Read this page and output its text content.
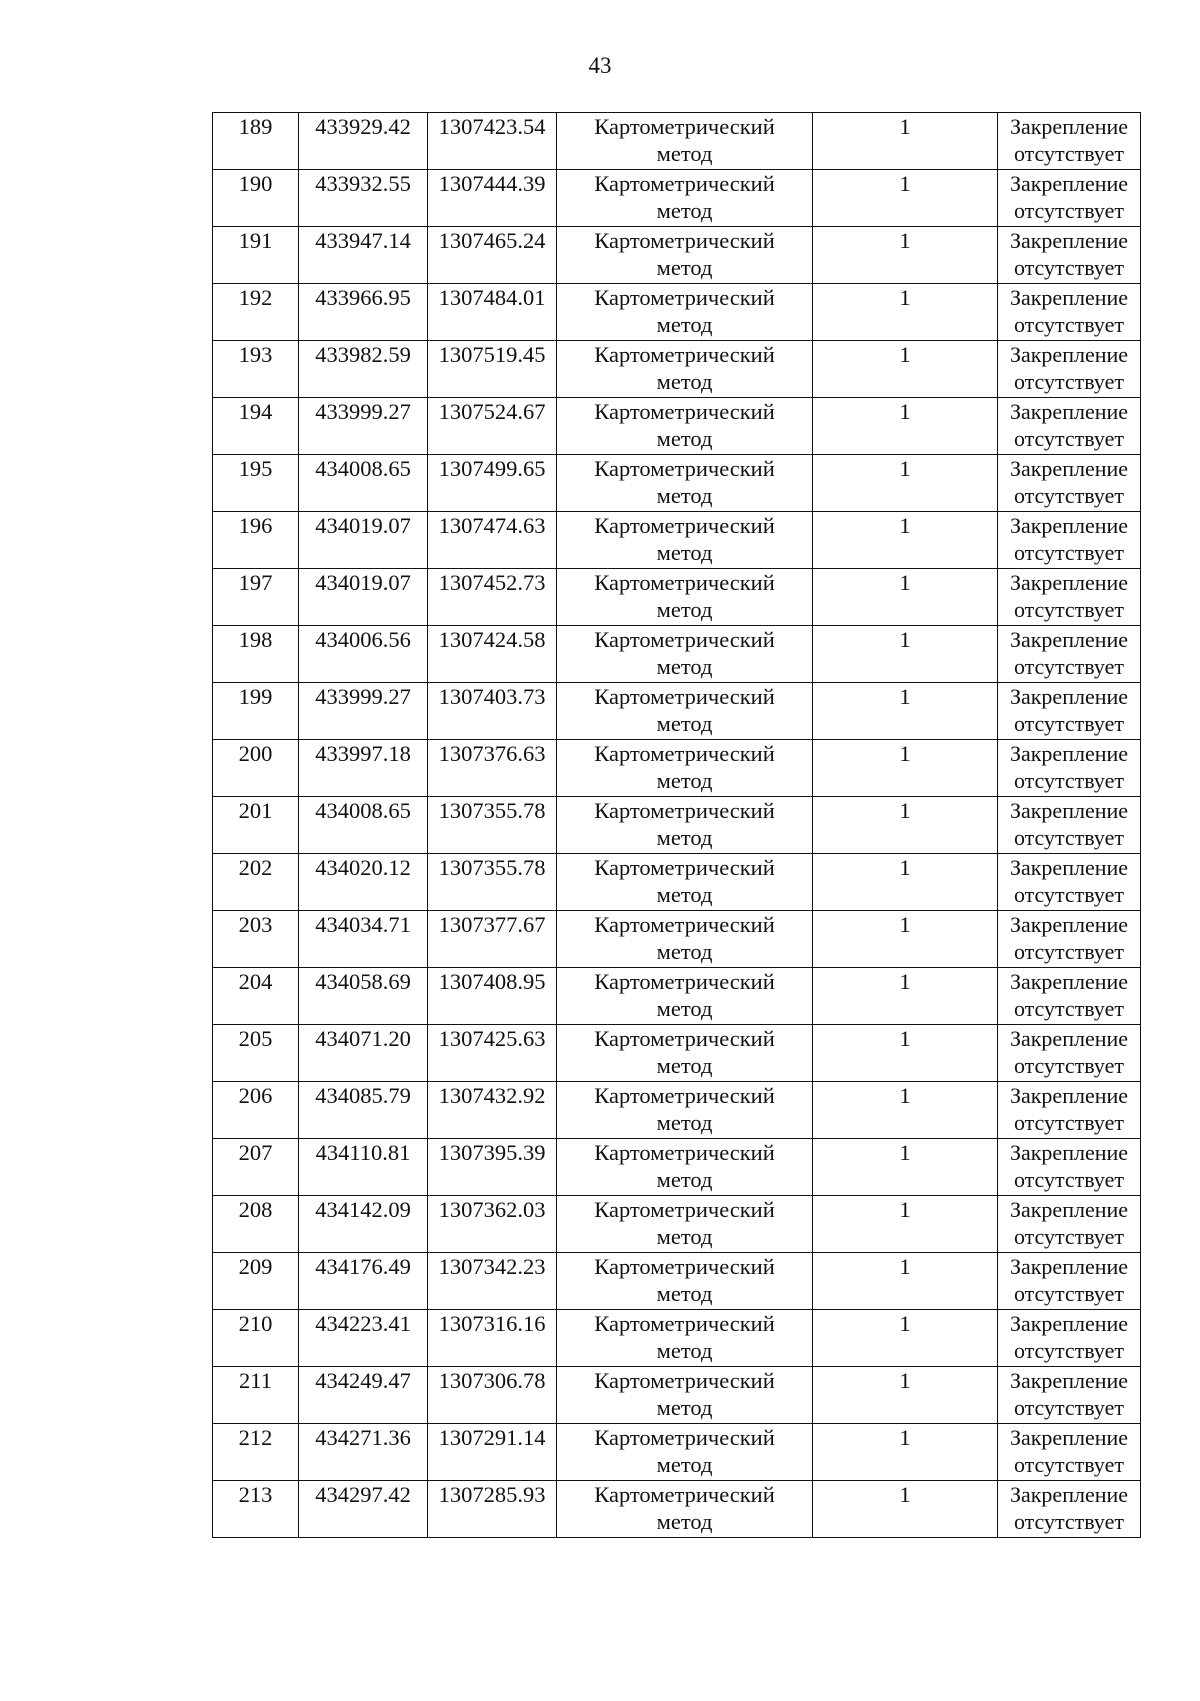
43
189	433929.42	1307423.54	Картометрический
метод	1	Закрепление
отсутствует

190	433932.55	1307444.39	Картометрический
метод	1	Закрепление
отсутствует

191	433947.14	1307465.24	Картометрический
метод	1	Закрепление
отсутствует

192	433966.95	1307484.01	Картометрический
метод	1	Закрепление
отсутствует

193	433982.59	1307519.45	Картометрический
метод	1	Закрепление
отсутствует

194	433999.27	1307524.67	Картометрический
метод	1	Закрепление
отсутствует

195	434008.65	1307499.65	Картометрический
метод	1	Закрепление
отсутствует

196	434019.07	1307474.63	Картометрический
метод	1	Закрепление
отсутствует

197	434019.07	1307452.73	Картометрический
метод	1	Закрепление
отсутствует

198	434006.56	1307424.58	Картометрический
метод	1	Закрепление
отсутствует

199	433999.27	1307403.73	Картометрический
метод	1	Закрепление
отсутствует

200	433997.18	1307376.63	Картометрический
метод	1	Закрепление
отсутствует

201	434008.65	1307355.78	Картометрический
метод	1	Закрепление
отсутствует

202	434020.12	1307355.78	Картометрический
метод	1	Закрепление
отсутствует

203	434034.71	1307377.67	Картометрический
метод	1	Закрепление
отсутствует

204	434058.69	1307408.95	Картометрический
метод	1	Закрепление
отсутствует

205	434071.20	1307425.63	Картометрический
метод	1	Закрепление
отсутствует

206	434085.79	1307432.92	Картометрический
метод	1	Закрепление
отсутствует

207	434110.81	1307395.39	Картометрический
метод	1	Закрепление
отсутствует

208	434142.09	1307362.03	Картометрический
метод	1	Закрепление
отсутствует

209	434176.49	1307342.23	Картометрический
метод	1	Закрепление
отсутствует

210	434223.41	1307316.16	Картометрический
метод	1	Закрепление
отсутствует

211	434249.47	1307306.78	Картометрический
метод	1	Закрепление
отсутствует

212	434271.36	1307291.14	Картометрический
метод	1	Закрепление
отсутствует

213	434297.42	1307285.93	Картометрический
метод	1	Закрепление
отсутствует
